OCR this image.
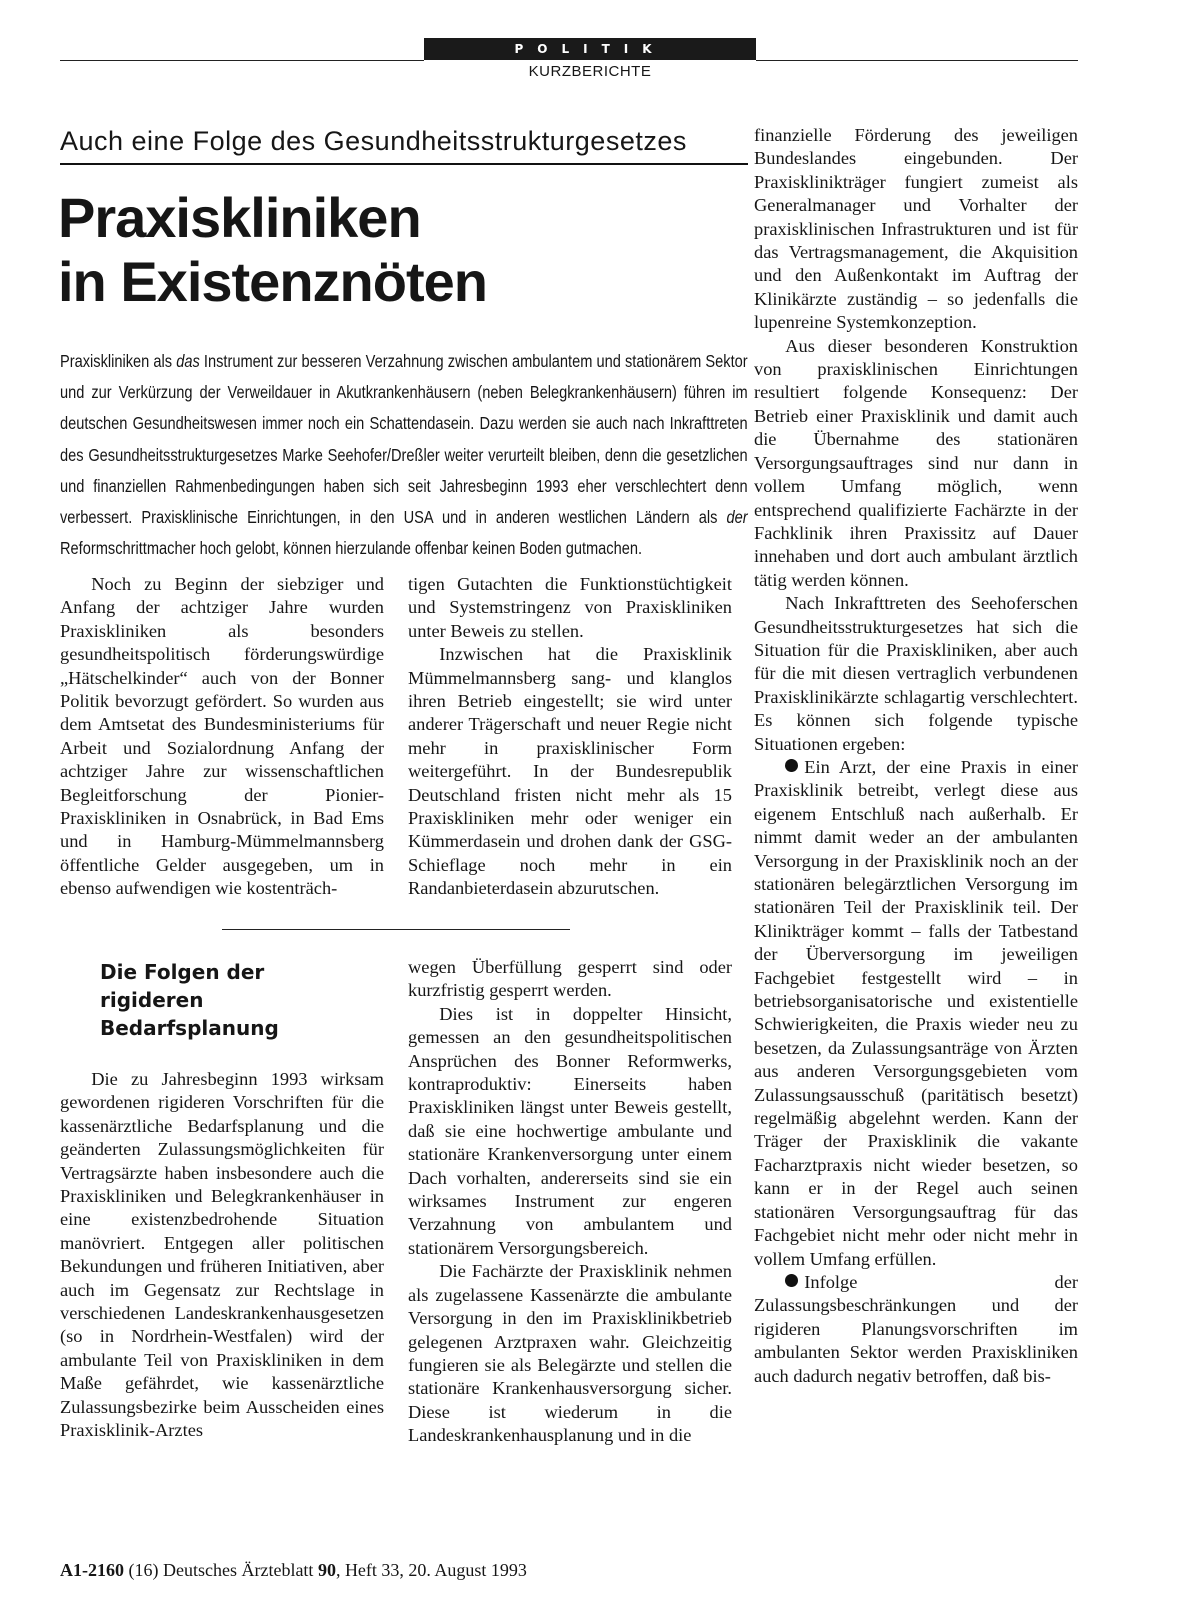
POLITIK
KURZBERICHTE
Auch eine Folge des Gesundheitsstrukturgesetzes
Praxiskliniken
in Existenznöten

Praxiskliniken als das Instrument zur besseren Verzahnung zwischen ambulantem und stationärem Sektor und zur Verkürzung der Verweildauer in Akutkrankenhäusern (neben Belegkrankenhäusern) führen im deutschen Gesundheitswesen immer noch ein Schattendasein. Dazu werden sie auch nach Inkrafttreten des Gesundheitsstrukturgesetzes Marke Seehofer/Dreßler weiter verurteilt bleiben, denn die gesetzlichen und finanziellen Rahmenbedingungen haben sich seit Jahresbeginn 1993 eher verschlechtert denn verbessert. Praxisklinische Einrichtungen, in den USA und in anderen westlichen Ländern als der Reformschrittmacher hoch gelobt, können hierzulande offenbar keinen Boden gutmachen.

Noch zu Beginn der siebziger und Anfang der achtziger Jahre wurden Praxiskliniken als besonders gesundheitspolitisch förderungswürdige „Hätschelkinder“ auch von der Bonner Politik bevorzugt gefördert. So wurden aus dem Amtsetat des Bundesministeriums für Arbeit und Sozialordnung Anfang der achtziger Jahre zur wissenschaftlichen Begleitforschung der Pionier-Praxiskliniken in Osnabrück, in Bad Ems und in Hamburg-Mümmelmannsberg öffentliche Gelder ausgegeben, um in ebenso aufwendigen wie kostenträch-

tigen Gutachten die Funktionstüchtigkeit und Systemstringenz von Praxiskliniken unter Beweis zu stellen.

Inzwischen hat die Praxisklinik Mümmelmannsberg sang- und klanglos ihren Betrieb eingestellt; sie wird unter anderer Trägerschaft und neuer Regie nicht mehr in praxisklinischer Form weitergeführt. In der Bundesrepublik Deutschland fristen nicht mehr als 15 Praxiskliniken mehr oder weniger ein Kümmerdasein und drohen dank der GSG-Schieflage noch mehr in ein Randanbieterdasein abzurutschen.

Die Folgen der rigideren Bedarfsplanung

Die zu Jahresbeginn 1993 wirksam gewordenen rigideren Vorschriften für die kassenärztliche Bedarfsplanung und die geänderten Zulassungsmöglichkeiten für Vertragsärzte haben insbesondere auch die Praxiskliniken und Belegkrankenhäuser in eine existenzbedrohende Situation manövriert. Entgegen aller politischen Bekundungen und früheren Initiativen, aber auch im Gegensatz zur Rechtslage in verschiedenen Landeskrankenhausgesetzen (so in Nordrhein-Westfalen) wird der ambulante Teil von Praxiskliniken in dem Maße gefährdet, wie kassenärztliche Zulassungsbezirke beim Ausscheiden eines Praxisklinik-Arztes

wegen Überfüllung gesperrt sind oder kurzfristig gesperrt werden.

Dies ist in doppelter Hinsicht, gemessen an den gesundheitspolitischen Ansprüchen des Bonner Reformwerks, kontraproduktiv: Einerseits haben Praxiskliniken längst unter Beweis gestellt, daß sie eine hochwertige ambulante und stationäre Krankenversorgung unter einem Dach vorhalten, andererseits sind sie ein wirksames Instrument zur engeren Verzahnung von ambulantem und stationärem Versorgungsbereich.

Die Fachärzte der Praxisklinik nehmen als zugelassene Kassenärzte die ambulante Versorgung in den im Praxisklinikbetrieb gelegenen Arztpraxen wahr. Gleichzeitig fungieren sie als Belegärzte und stellen die stationäre Krankenhausversorgung sicher. Diese ist wiederum in die Landeskrankenhausplanung und in die

finanzielle Förderung des jeweiligen Bundeslandes eingebunden. Der Praxisklinikträger fungiert zumeist als Generalmanager und Vorhalter der praxisklinischen Infrastrukturen und ist für das Vertragsmanagement, die Akquisition und den Außenkontakt im Auftrag der Klinikärzte zuständig – so jedenfalls die lupenreine Systemkonzeption.

Aus dieser besonderen Konstruktion von praxisklinischen Einrichtungen resultiert folgende Konsequenz: Der Betrieb einer Praxisklinik und damit auch die Übernahme des stationären Versorgungsauftrages sind nur dann in vollem Umfang möglich, wenn entsprechend qualifizierte Fachärzte in der Fachklinik ihren Praxissitz auf Dauer innehaben und dort auch ambulant ärztlich tätig werden können.

Nach Inkrafttreten des Seehoferschen Gesundheitsstrukturgesetzes hat sich die Situation für die Praxiskliniken, aber auch für die mit diesen vertraglich verbundenen Praxisklinikärzte schlagartig verschlechtert. Es können sich folgende typische Situationen ergeben:

Ein Arzt, der eine Praxis in einer Praxisklinik betreibt, verlegt diese aus eigenem Entschluß nach außerhalb. Er nimmt damit weder an der ambulanten Versorgung in der Praxisklinik noch an der stationären belegärztlichen Versorgung im stationären Teil der Praxisklinik teil. Der Klinikträger kommt – falls der Tatbestand der Überversorgung im jeweiligen Fachgebiet festgestellt wird – in betriebsorganisatorische und existentielle Schwierigkeiten, die Praxis wieder neu zu besetzen, da Zulassungsanträge von Ärzten aus anderen Versorgungsgebieten vom Zulassungsausschuß (paritätisch besetzt) regelmäßig abgelehnt werden. Kann der Träger der Praxisklinik die vakante Facharztpraxis nicht wieder besetzen, so kann er in der Regel auch seinen stationären Versorgungsauftrag für das Fachgebiet nicht mehr oder nicht mehr in vollem Umfang erfüllen.

Infolge der Zulassungsbeschränkungen und der rigideren Planungsvorschriften im ambulanten Sektor werden Praxiskliniken auch dadurch negativ betroffen, daß bis-

A1-2160 (16) Deutsches Ärzteblatt 90, Heft 33, 20. August 1993
